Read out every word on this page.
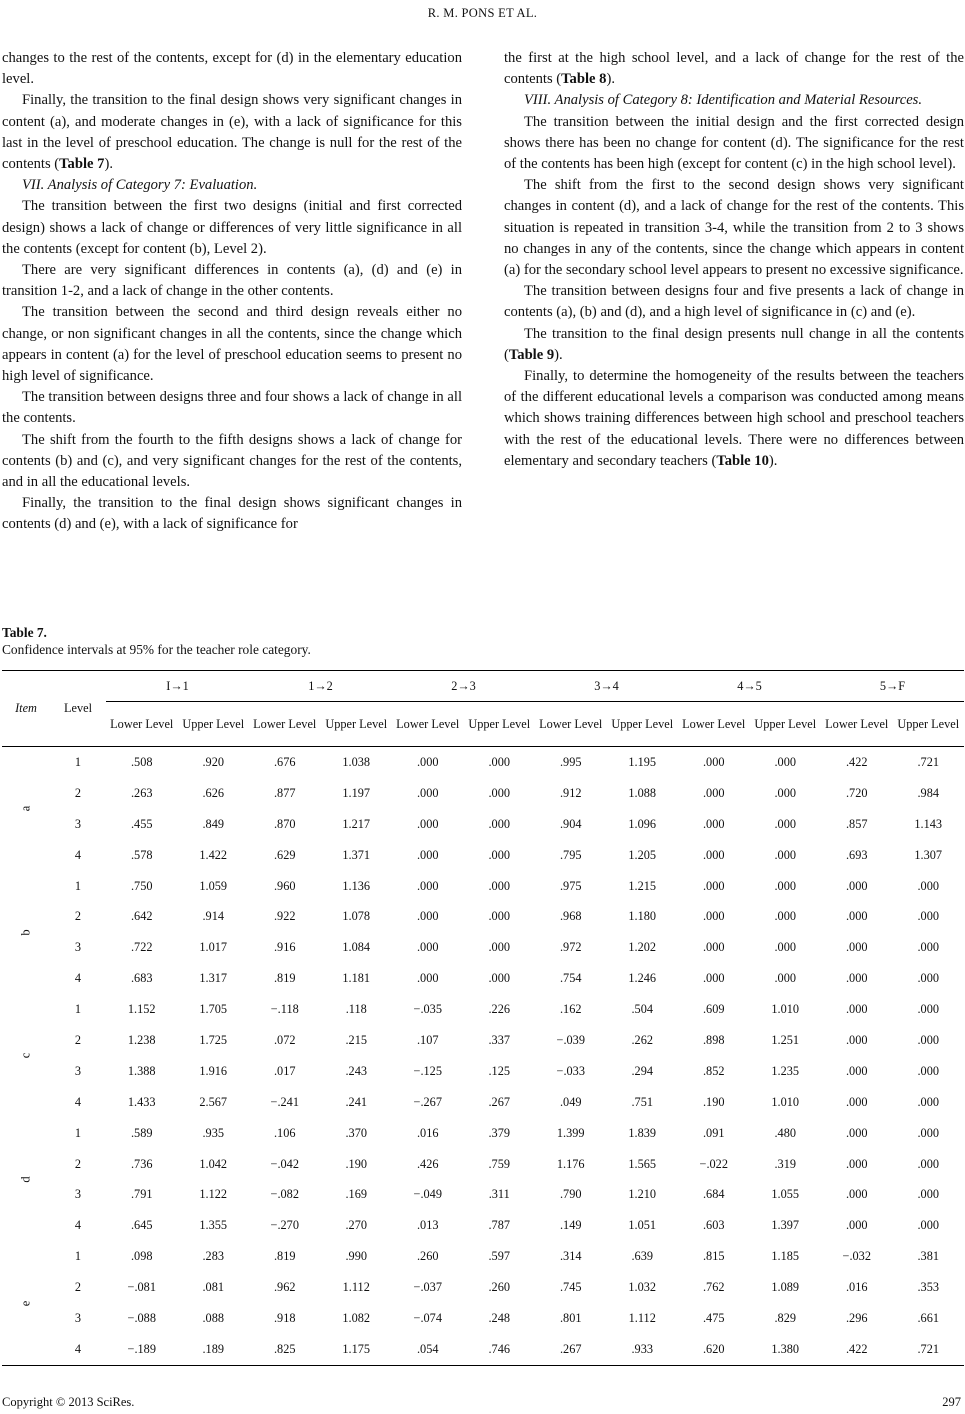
R. M. PONS ET AL.

changes to the rest of the contents, except for (d) in the elementary education level.

Finally, the transition to the final design shows very significant changes in content (a), and moderate changes in (e), with a lack of significance for this last in the level of preschool education. The change is null for the rest of the contents (Table 7).

VII. Analysis of Category 7: Evaluation.

The transition between the first two designs (initial and first corrected design) shows a lack of change or differences of very little significance in all the contents (except for content (b), Level 2).

There are very significant differences in contents (a), (d) and (e) in transition 1-2, and a lack of change in the other contents.

The transition between the second and third design reveals either no change, or non significant changes in all the contents, since the change which appears in content (a) for the level of preschool education seems to present no high level of significance.

The transition between designs three and four shows a lack of change in all the contents.

The shift from the fourth to the fifth designs shows a lack of change for contents (b) and (c), and very significant changes for the rest of the contents, and in all the educational levels.

Finally, the transition to the final design shows significant changes in contents (d) and (e), with a lack of significance for

the first at the high school level, and a lack of change for the rest of the contents (Table 8).

VIII. Analysis of Category 8: Identification and Material Resources.

The transition between the initial design and the first corrected design shows there has been no change for content (d). The significance for the rest of the contents has been high (except for content (c) in the high school level).

The shift from the first to the second design shows very significant changes in content (d), and a lack of change for the rest of the contents. This situation is repeated in transition 3-4, while the transition from 2 to 3 shows no changes in any of the contents, since the change which appears in content (a) for the secondary school level appears to present no excessive significance.

The transition between designs four and five presents a lack of change in contents (a), (b) and (d), and a high level of significance in (c) and (e).

The transition to the final design presents null change in all the contents (Table 9).

Finally, to determine the homogeneity of the results between the teachers of the different educational levels a comparison was conducted among means which shows training differences between high school and preschool teachers with the rest of the educational levels. There were no differences between elementary and secondary teachers (Table 10).

Table 7.
Confidence intervals at 95% for the teacher role category.
Item	Level	I→1		1→2		2→3		3→4		4→5		5→F	
		Lower Level	Upper Level	Lower Level	Upper Level	Lower Level	Upper Level	Lower Level	Upper Level	Lower Level	Upper Level	Lower Level	Upper Level
a	1	.508	.920	.676	1.038	.000	.000	.995	1.195	.000	.000	.422	.721
	2	.263	.626	.877	1.197	.000	.000	.912	1.088	.000	.000	.720	.984
	3	.455	.849	.870	1.217	.000	.000	.904	1.096	.000	.000	.857	1.143
	4	.578	1.422	.629	1.371	.000	.000	.795	1.205	.000	.000	.693	1.307
b	1	.750	1.059	.960	1.136	.000	.000	.975	1.215	.000	.000	.000	.000
	2	.642	.914	.922	1.078	.000	.000	.968	1.180	.000	.000	.000	.000
	3	.722	1.017	.916	1.084	.000	.000	.972	1.202	.000	.000	.000	.000
	4	.683	1.317	.819	1.181	.000	.000	.754	1.246	.000	.000	.000	.000
c	1	1.152	1.705	−.118	.118	−.035	.226	.162	.504	.609	1.010	.000	.000
	2	1.238	1.725	.072	.215	.107	.337	−.039	.262	.898	1.251	.000	.000
	3	1.388	1.916	.017	.243	−.125	.125	−.033	.294	.852	1.235	.000	.000
	4	1.433	2.567	−.241	.241	−.267	.267	.049	.751	.190	1.010	.000	.000
d	1	.589	.935	.106	.370	.016	.379	1.399	1.839	.091	.480	.000	.000
	2	.736	1.042	−.042	.190	.426	.759	1.176	1.565	−.022	.319	.000	.000
	3	.791	1.122	−.082	.169	−.049	.311	.790	1.210	.684	1.055	.000	.000
	4	.645	1.355	−.270	.270	.013	.787	.149	1.051	.603	1.397	.000	.000
e	1	.098	.283	.819	.990	.260	.597	.314	.639	.815	1.185	−.032	.381
	2	−.081	.081	.962	1.112	−.037	.260	.745	1.032	.762	1.089	.016	.353
	3	−.088	.088	.918	1.082	−.074	.248	.801	1.112	.475	.829	.296	.661
	4	−.189	.189	.825	1.175	.054	.746	.267	.933	.620	1.380	.422	.721
Copyright © 2013 SciRes.	297
